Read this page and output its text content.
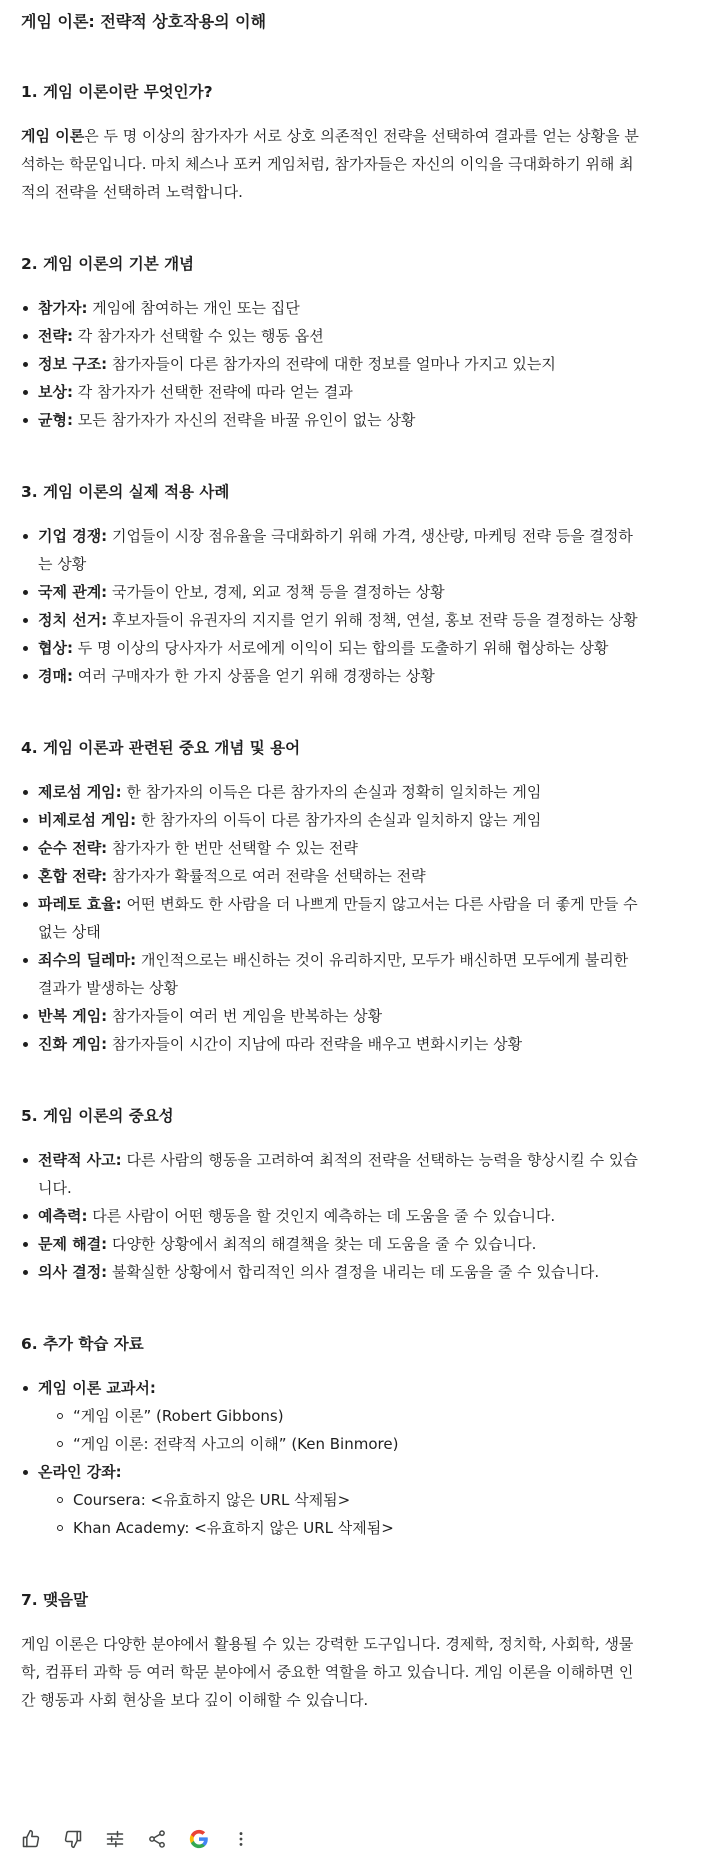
게임 이론: 전략적 상호작용의 이해
1. 게임 이론이란 무엇인가?

게임 이론은 두 명 이상의 참가자가 서로 상호 의존적인 전략을 선택하여 결과를 얻는 상황을 분석하는 학문입니다. 마치 체스나 포커 게임처럼, 참가자들은 자신의 이익을 극대화하기 위해 최적의 전략을 선택하려 노력합니다.

2. 게임 이론의 기본 개념
참가자: 게임에 참여하는 개인 또는 집단
전략: 각 참가자가 선택할 수 있는 행동 옵션
정보 구조: 참가자들이 다른 참가자의 전략에 대한 정보를 얼마나 가지고 있는지
보상: 각 참가자가 선택한 전략에 따라 얻는 결과
균형: 모든 참가자가 자신의 전략을 바꿀 유인이 없는 상황
3. 게임 이론의 실제 적용 사례
기업 경쟁: 기업들이 시장 점유율을 극대화하기 위해 가격, 생산량, 마케팅 전략 등을 결정하는 상황
국제 관계: 국가들이 안보, 경제, 외교 정책 등을 결정하는 상황
정치 선거: 후보자들이 유권자의 지지를 얻기 위해 정책, 연설, 홍보 전략 등을 결정하는 상황
협상: 두 명 이상의 당사자가 서로에게 이익이 되는 합의를 도출하기 위해 협상하는 상황
경매: 여러 구매자가 한 가지 상품을 얻기 위해 경쟁하는 상황
4. 게임 이론과 관련된 중요 개념 및 용어
제로섬 게임: 한 참가자의 이득은 다른 참가자의 손실과 정확히 일치하는 게임
비제로섬 게임: 한 참가자의 이득이 다른 참가자의 손실과 일치하지 않는 게임
순수 전략: 참가자가 한 번만 선택할 수 있는 전략
혼합 전략: 참가자가 확률적으로 여러 전략을 선택하는 전략
파레토 효율: 어떤 변화도 한 사람을 더 나쁘게 만들지 않고서는 다른 사람을 더 좋게 만들 수 없는 상태
죄수의 딜레마: 개인적으로는 배신하는 것이 유리하지만, 모두가 배신하면 모두에게 불리한 결과가 발생하는 상황
반복 게임: 참가자들이 여러 번 게임을 반복하는 상황
진화 게임: 참가자들이 시간이 지남에 따라 전략을 배우고 변화시키는 상황
5. 게임 이론의 중요성
전략적 사고: 다른 사람의 행동을 고려하여 최적의 전략을 선택하는 능력을 향상시킬 수 있습니다.
예측력: 다른 사람이 어떤 행동을 할 것인지 예측하는 데 도움을 줄 수 있습니다.
문제 해결: 다양한 상황에서 최적의 해결책을 찾는 데 도움을 줄 수 있습니다.
의사 결정: 불확실한 상황에서 합리적인 의사 결정을 내리는 데 도움을 줄 수 있습니다.
6. 추가 학습 자료
게임 이론 교과서:
“게임 이론” (Robert Gibbons)
“게임 이론: 전략적 사고의 이해” (Ken Binmore)
온라인 강좌:
Coursera: <유효하지 않은 URL 삭제됨>
Khan Academy: <유효하지 않은 URL 삭제됨>
7. 맺음말

게임 이론은 다양한 분야에서 활용될 수 있는 강력한 도구입니다. 경제학, 정치학, 사회학, 생물학, 컴퓨터 과학 등 여러 학문 분야에서 중요한 역할을 하고 있습니다. 게임 이론을 이해하면 인간 행동과 사회 현상을 보다 깊이 이해할 수 있습니다.
